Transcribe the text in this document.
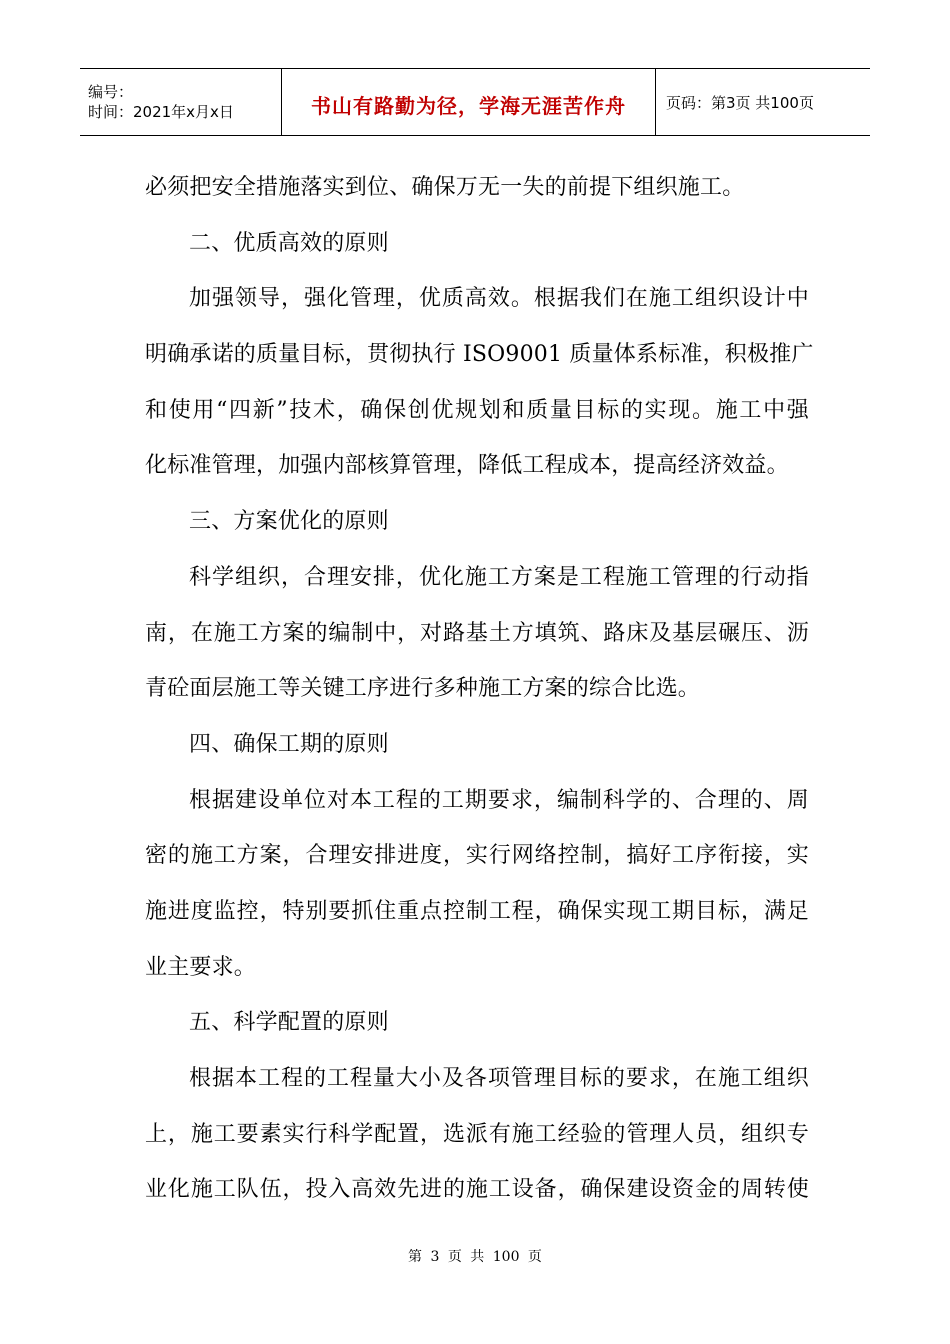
编号：
时间：2021年x月x日	书山有路勤为径，学海无涯苦作舟	页码：第3页 共100页
必须把安全措施落实到位、确保万无一失的前提下组织施工。
二、优质高效的原则
加强领导，强化管理，优质高效。根据我们在施工组织设计中
明确承诺的质量目标，贯彻执行 ISO9001 质量体系标准，积极推广
和使用“四新”技术，确保创优规划和质量目标的实现。施工中强
化标准管理，加强内部核算管理，降低工程成本，提高经济效益。
三、方案优化的原则
科学组织，合理安排，优化施工方案是工程施工管理的行动指
南，在施工方案的编制中，对路基土方填筑、路床及基层碾压、沥
青砼面层施工等关键工序进行多种施工方案的综合比选。
四、确保工期的原则
根据建设单位对本工程的工期要求，编制科学的、合理的、周
密的施工方案，合理安排进度，实行网络控制，搞好工序衔接，实
施进度监控，特别要抓住重点控制工程，确保实现工期目标，满足
业主要求。
五、科学配置的原则
根据本工程的工程量大小及各项管理目标的要求，在施工组织
上，施工要素实行科学配置，选派有施工经验的管理人员，组织专
业化施工队伍，投入高效先进的施工设备，确保建设资金的周转使
第 3 页 共 100 页
